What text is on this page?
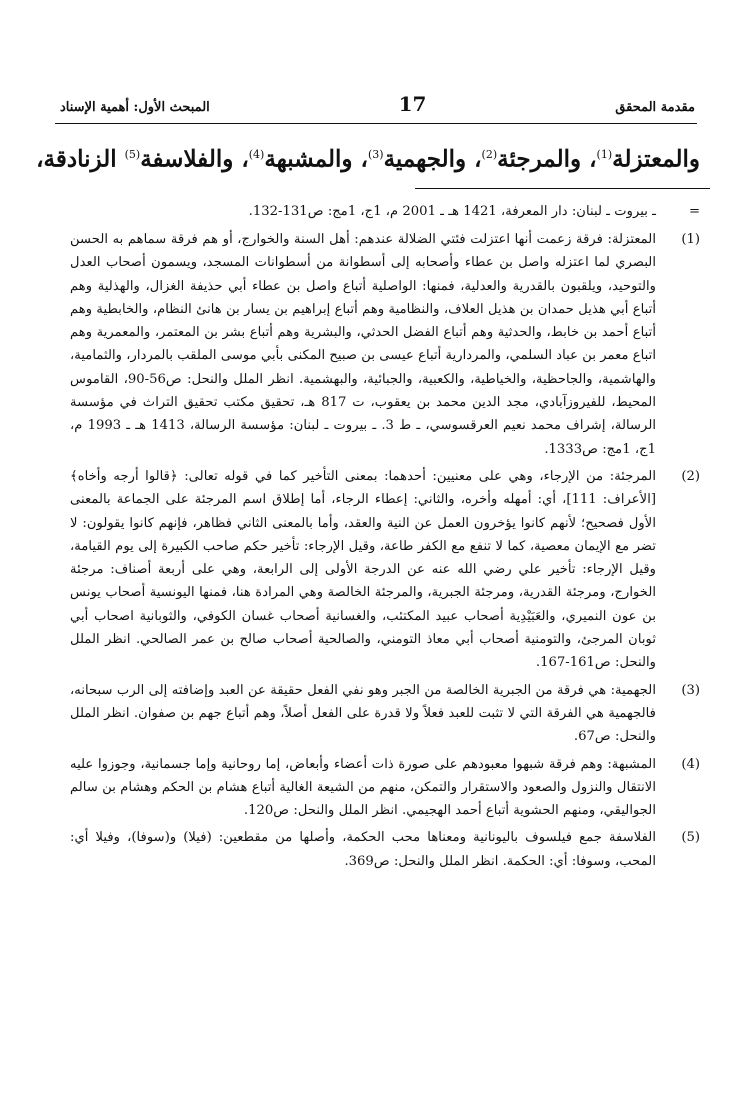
مقدمة المحقق
17
المبحث الأول: أهمية الإسناد
والمعتزلة$^{(1)}$، والمرجئة$^{(2)}$، والجهمية$^{(3)}$، والمشبهة$^{(4)}$، والفلاسفة$^{(5)}$ الزنادقة،
=
ـ بيروت ـ لبنان: دار المعرفة، 1421 هـ ـ 2001 م، 1ج، 1مج: ص131-132.
(1)
المعتزلة: فرقة زعمت أنها اعتزلت فئتي الضلالة عندهم: أهل السنة والخوارج، أو هم فرقة سماهم به الحسن البصري لما اعتزله واصل بن عطاء وأصحابه إلى أسطوانة من أسطوانات المسجد، ويسمون أصحاب العدل والتوحيد، ويلقبون بالقدرية والعدلية، فمنها: الواصلية أتباع واصل بن عطاء أبي حذيفة الغزال، والهذلية وهم أتباع أبي هذيل حمدان بن هذيل العلاف، والنظامية وهم أتباع إبراهيم بن يسار بن هانئ النظام، والخابطية وهم أتباع أحمد بن خابط، والحدثية وهم أتباع الفضل الحدثي، والبشرية وهم أتباع بشر بن المعتمر، والمعمرية وهم اتباع معمر بن عباد السلمي، والمردارية أتباع عيسى بن صبيح المكنى بأبي موسى الملقب بالمردار، والثمامية، والهاشمية، والجاحظية، والخياطية، والكعبية، والجبائية، والبهشمية. انظر الملل والنحل: ص56-90، القاموس المحيط، للفيروزآبادي، مجد الدين محمد بن يعقوب، ت 817 هـ، تحقيق مكتب تحقيق التراث في مؤسسة الرسالة، إشراف محمد نعيم العرقسوسي، ـ ط 3. ـ بيروت ـ لبنان: مؤسسة الرسالة، 1413 هـ ـ 1993 م، 1ج، 1مج: ص1333.
(2)
المرجئة: من الإرجاء، وهي على معنيين: أحدهما: بمعنى التأخير كما في قوله تعالى: ﴿قالوا أرجه وأخاه﴾ [الأعراف: 111]، أي: أمهله وأخره، والثاني: إعطاء الرجاء، أما إطلاق اسم المرجئة على الجماعة بالمعنى الأول فصحيح؛ لأنهم كانوا يؤخرون العمل عن النية والعقد، وأما بالمعنى الثاني فظاهر، فإنهم كانوا يقولون: لا تضر مع الإيمان معصية، كما لا تنفع مع الكفر طاعة، وقيل الإرجاء: تأخير حكم صاحب الكبيرة إلى يوم القيامة، وقيل الإرجاء: تأخير علي رضي الله عنه عن الدرجة الأولى إلى الرابعة، وهي على أربعة أصناف: مرجئة الخوارج، ومرجئة القدرية، ومرجئة الجبرية، والمرجئة الخالصة وهي المرادة هنا، فمنها اليونسية أصحاب يونس بن عون النميري، والعَبَيْدِية أصحاب عبيد المكتئب، والغسانية أصحاب غسان الكوفي، والثوبانية اصحاب أبي ثوبان المرجئ، والتومنية أصحاب أبي معاذ التومني، والصالحية أصحاب صالح بن عمر الصالحي. انظر الملل والنحل: ص161-167.
(3)
الجهمية: هي فرقة من الجبرية الخالصة من الجبر وهو نفي الفعل حقيقة عن العبد وإضافته إلى الرب سبحانه، فالجهمية هي الفرقة التي لا تثبت للعبد فعلاً ولا قدرة على الفعل أصلاً، وهم أتباع جهم بن صفوان. انظر الملل والنحل: ص67.
(4)
المشبهة: وهم فرقة شبهوا معبودهم على صورة ذات أعضاء وأبعاض، إما روحانية وإما جسمانية، وجوزوا عليه الانتقال والنزول والصعود والاستقرار والتمكن، منهم من الشيعة الغالية أتباع هشام بن الحكم وهشام بن سالم الجواليقي، ومنهم الحشوية أتباع أحمد الهجيمي. انظر الملل والنحل: ص120.
(5)
الفلاسفة جمع فيلسوف باليونانية ومعناها محب الحكمة، وأصلها من مقطعين: (فيلا) و(سوفا)، وفيلا أي: المحب، وسوفا: أي: الحكمة. انظر الملل والنحل: ص369.
